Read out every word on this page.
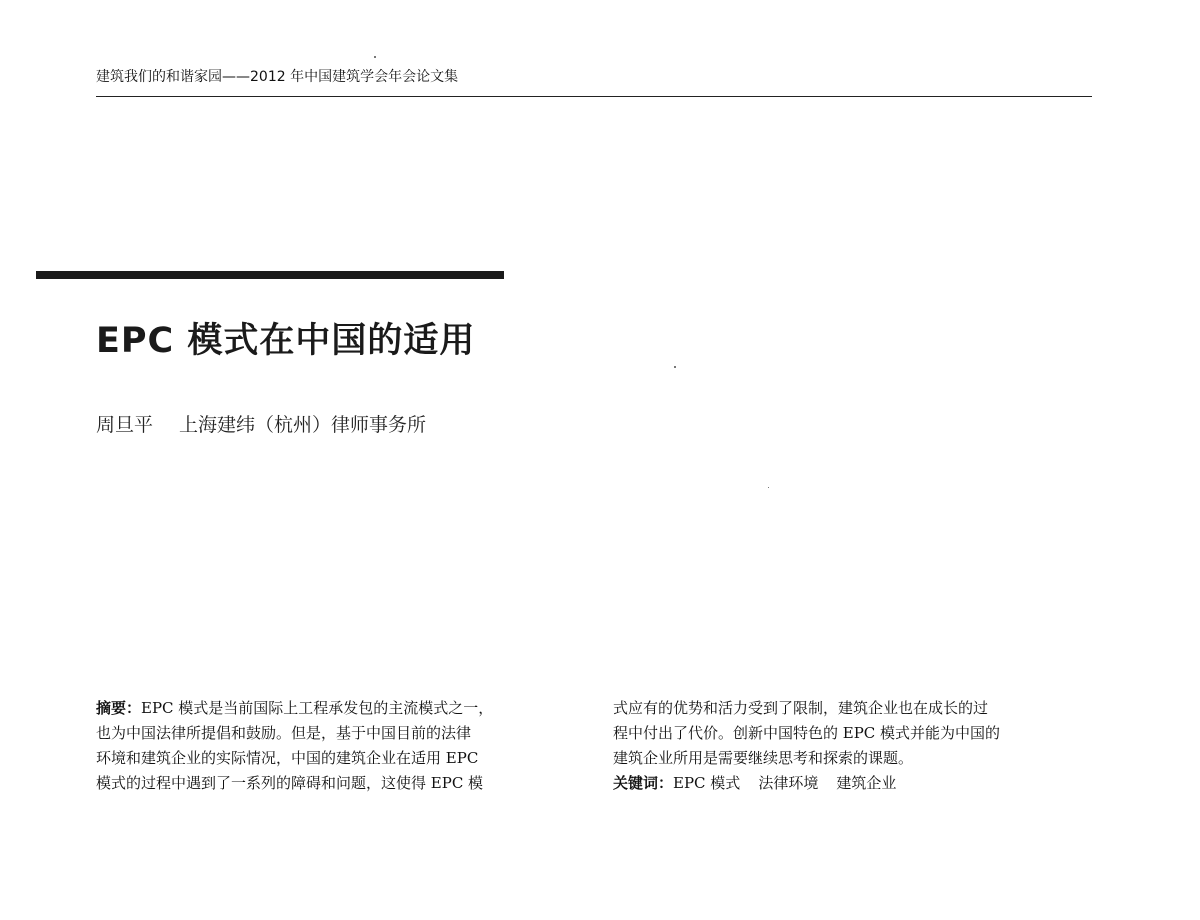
建筑我们的和谐家园——2012 年中国建筑学会年会论文集
EPC 模式在中国的适用
周旦平 上海建纬（杭州）律师事务所
摘要：EPC 模式是当前国际上工程承发包的主流模式之一，
也为中国法律所提倡和鼓励。但是，基于中国目前的法律
环境和建筑企业的实际情况，中国的建筑企业在适用 EPC
模式的过程中遇到了一系列的障碍和问题，这使得 EPC 模
式应有的优势和活力受到了限制，建筑企业也在成长的过
程中付出了代价。创新中国特色的 EPC 模式并能为中国的
建筑企业所用是需要继续思考和探索的课题。
关键词：EPC 模式 法律环境 建筑企业
